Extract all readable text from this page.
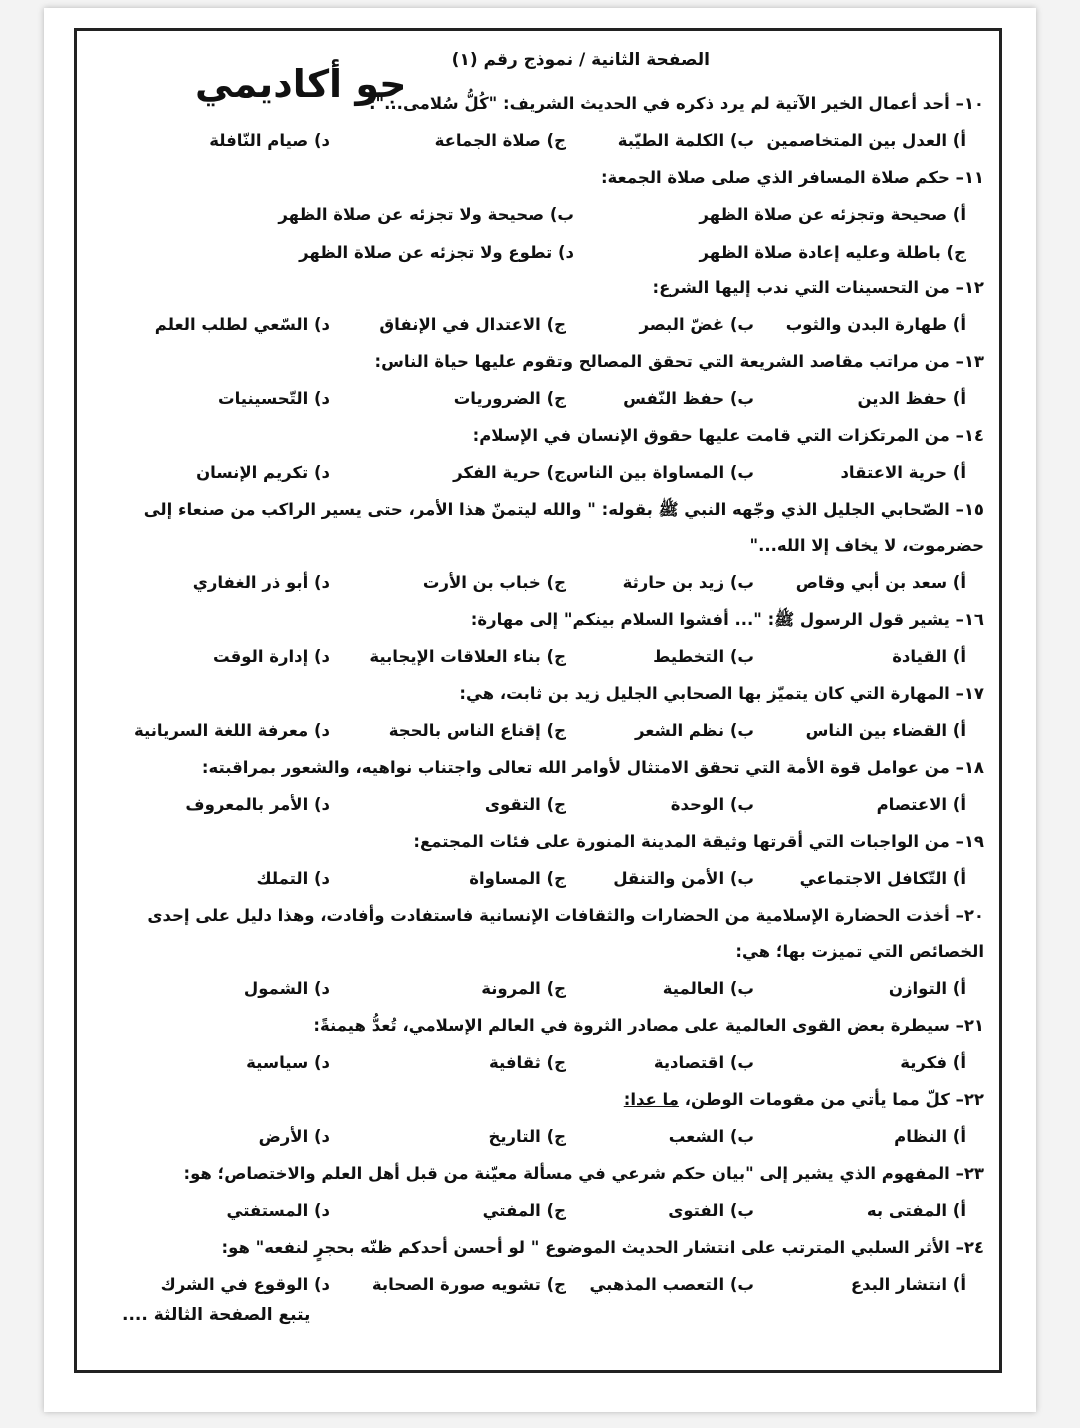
الصفحة الثانية / نموذج رقم (١)
جو أكاديمي	١٠– أحد أعمال الخير الآتية لم يرد ذكره في الحديث الشريف: "كُلُّ سُلامى...":
أ) العدل بين المتخاصمين
ب) الكلمة الطيّبة
ج) صلاة الجماعة
د) صيام النّافلة
١١– حكم صلاة المسافر الذي صلى صلاة الجمعة:
أ) صحيحة وتجزئه عن صلاة الظهر
ب) صحيحة ولا تجزئه عن صلاة الظهر
ج) باطلة وعليه إعادة صلاة الظهر
د) تطوع ولا تجزئه عن صلاة الظهر
١٢– من التحسينات التي ندب إليها الشرع:
أ) طهارة البدن والثوب
ب) غضّ البصر
ج) الاعتدال في الإنفاق
د) السّعي لطلب العلم
١٣– من مراتب مقاصد الشريعة التي تحقق المصالح وتقوم عليها حياة الناس:
أ) حفظ الدين
ب) حفظ النّفس
ج) الضروريات
د) التّحسينيات
١٤– من المرتكزات التي قامت عليها حقوق الإنسان في الإسلام:
أ) حرية الاعتقاد
ب) المساواة بين الناس
ج) حرية الفكر
د) تكريم الإنسان
١٥– الصّحابي الجليل الذي وجّهه النبي ﷺ بقوله: " والله ليتمنّ هذا الأمر، حتى يسير الراكب من صنعاء إلى حضرموت، لا يخاف إلا الله..."
أ) سعد بن أبي وقاص
ب) زيد بن حارثة
ج) خباب بن الأرت
د) أبو ذر الغفاري
١٦– يشير قول الرسول ﷺ: "... أفشوا السلام بينكم" إلى مهارة:
أ) القيادة
ب) التخطيط
ج) بناء العلاقات الإيجابية
د) إدارة الوقت
١٧– المهارة التي كان يتميّز بها الصحابي الجليل زيد بن ثابت، هي:
أ) القضاء بين الناس
ب) نظم الشعر
ج) إقناع الناس بالحجة
د) معرفة اللغة السريانية
١٨– من عوامل قوة الأمة التي تحقق الامتثال لأوامر الله تعالى واجتناب نواهيه، والشعور بمراقبته:
أ) الاعتصام
ب) الوحدة
ج) التقوى
د) الأمر بالمعروف
١٩– من الواجبات التي أقرتها وثيقة المدينة المنورة على فئات المجتمع:
أ) التّكافل الاجتماعي
ب) الأمن والتنقل
ج) المساواة
د) التملك
٢٠– أخذت الحضارة الإسلامية من الحضارات والثقافات الإنسانية فاستفادت وأفادت، وهذا دليل على إحدى الخصائص التي تميزت بها؛ هي:
أ) التوازن
ب) العالمية
ج) المرونة
د) الشمول
٢١– سيطرة بعض القوى العالمية على مصادر الثروة في العالم الإسلامي، تُعدُّ هيمنةً:
أ) فكرية
ب) اقتصادية
ج) ثقافية
د) سياسية
٢٢– كلّ مما يأتي من مقومات الوطن، ما عدا:
أ) النظام
ب) الشعب
ج) التاريخ
د) الأرض
٢٣– المفهوم الذي يشير إلى "بيان حكم شرعي في مسألة معيّنة من قبل أهل العلم والاختصاص؛ هو:
أ) المفتى به
ب) الفتوى
ج) المفتي
د) المستفتي
٢٤– الأثر السلبي المترتب على انتشار الحديث الموضوع " لو أحسن أحدكم ظنّه بحجرٍ لنفعه" هو:
أ) انتشار البدع
ب) التعصب المذهبي
ج) تشويه صورة الصحابة
د) الوقوع في الشرك
يتبع الصفحة الثالثة ....
